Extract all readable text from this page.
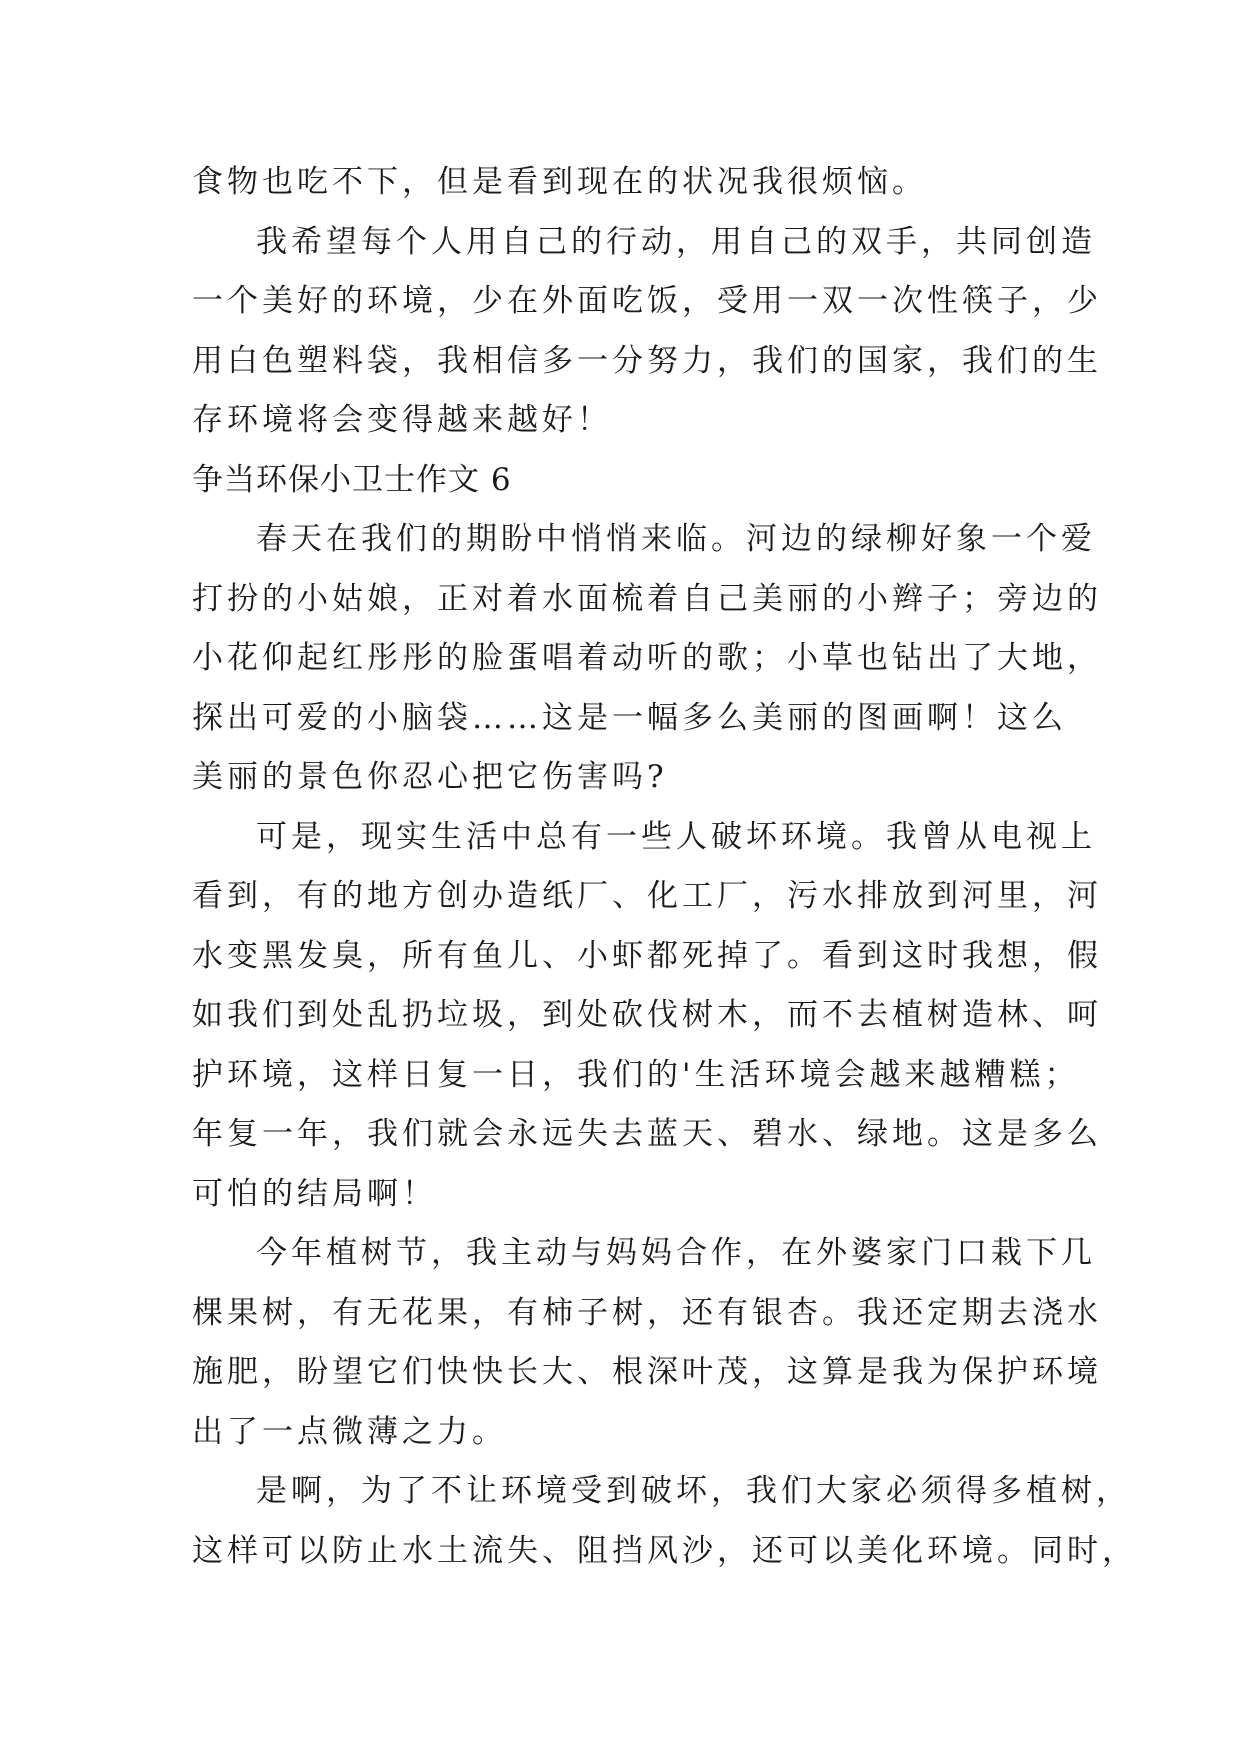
食物也吃不下，但是看到现在的状况我很烦恼。
我希望每个人用自己的行动，用自己的双手，共同创造
一个美好的环境，少在外面吃饭，受用一双一次性筷子，少
用白色塑料袋，我相信多一分努力，我们的国家，我们的生
存环境将会变得越来越好！
争当环保小卫士作文 6
春天在我们的期盼中悄悄来临。河边的绿柳好象一个爱
打扮的小姑娘，正对着水面梳着自己美丽的小辫子；旁边的
小花仰起红彤彤的脸蛋唱着动听的歌；小草也钻出了大地，
探出可爱的小脑袋……这是一幅多么美丽的图画啊！这么
美丽的景色你忍心把它伤害吗?
可是，现实生活中总有一些人破坏环境。我曾从电视上
看到，有的地方创办造纸厂、化工厂，污水排放到河里，河
水变黑发臭，所有鱼儿、小虾都死掉了。看到这时我想，假
如我们到处乱扔垃圾，到处砍伐树木，而不去植树造林、呵
护环境，这样日复一日，我们的'生活环境会越来越糟糕；
年复一年，我们就会永远失去蓝天、碧水、绿地。这是多么
可怕的结局啊！
今年植树节，我主动与妈妈合作，在外婆家门口栽下几
棵果树，有无花果，有柿子树，还有银杏。我还定期去浇水
施肥，盼望它们快快长大、根深叶茂，这算是我为保护环境
出了一点微薄之力。
是啊，为了不让环境受到破坏，我们大家必须得多植树，
这样可以防止水土流失、阻挡风沙，还可以美化环境。同时，
